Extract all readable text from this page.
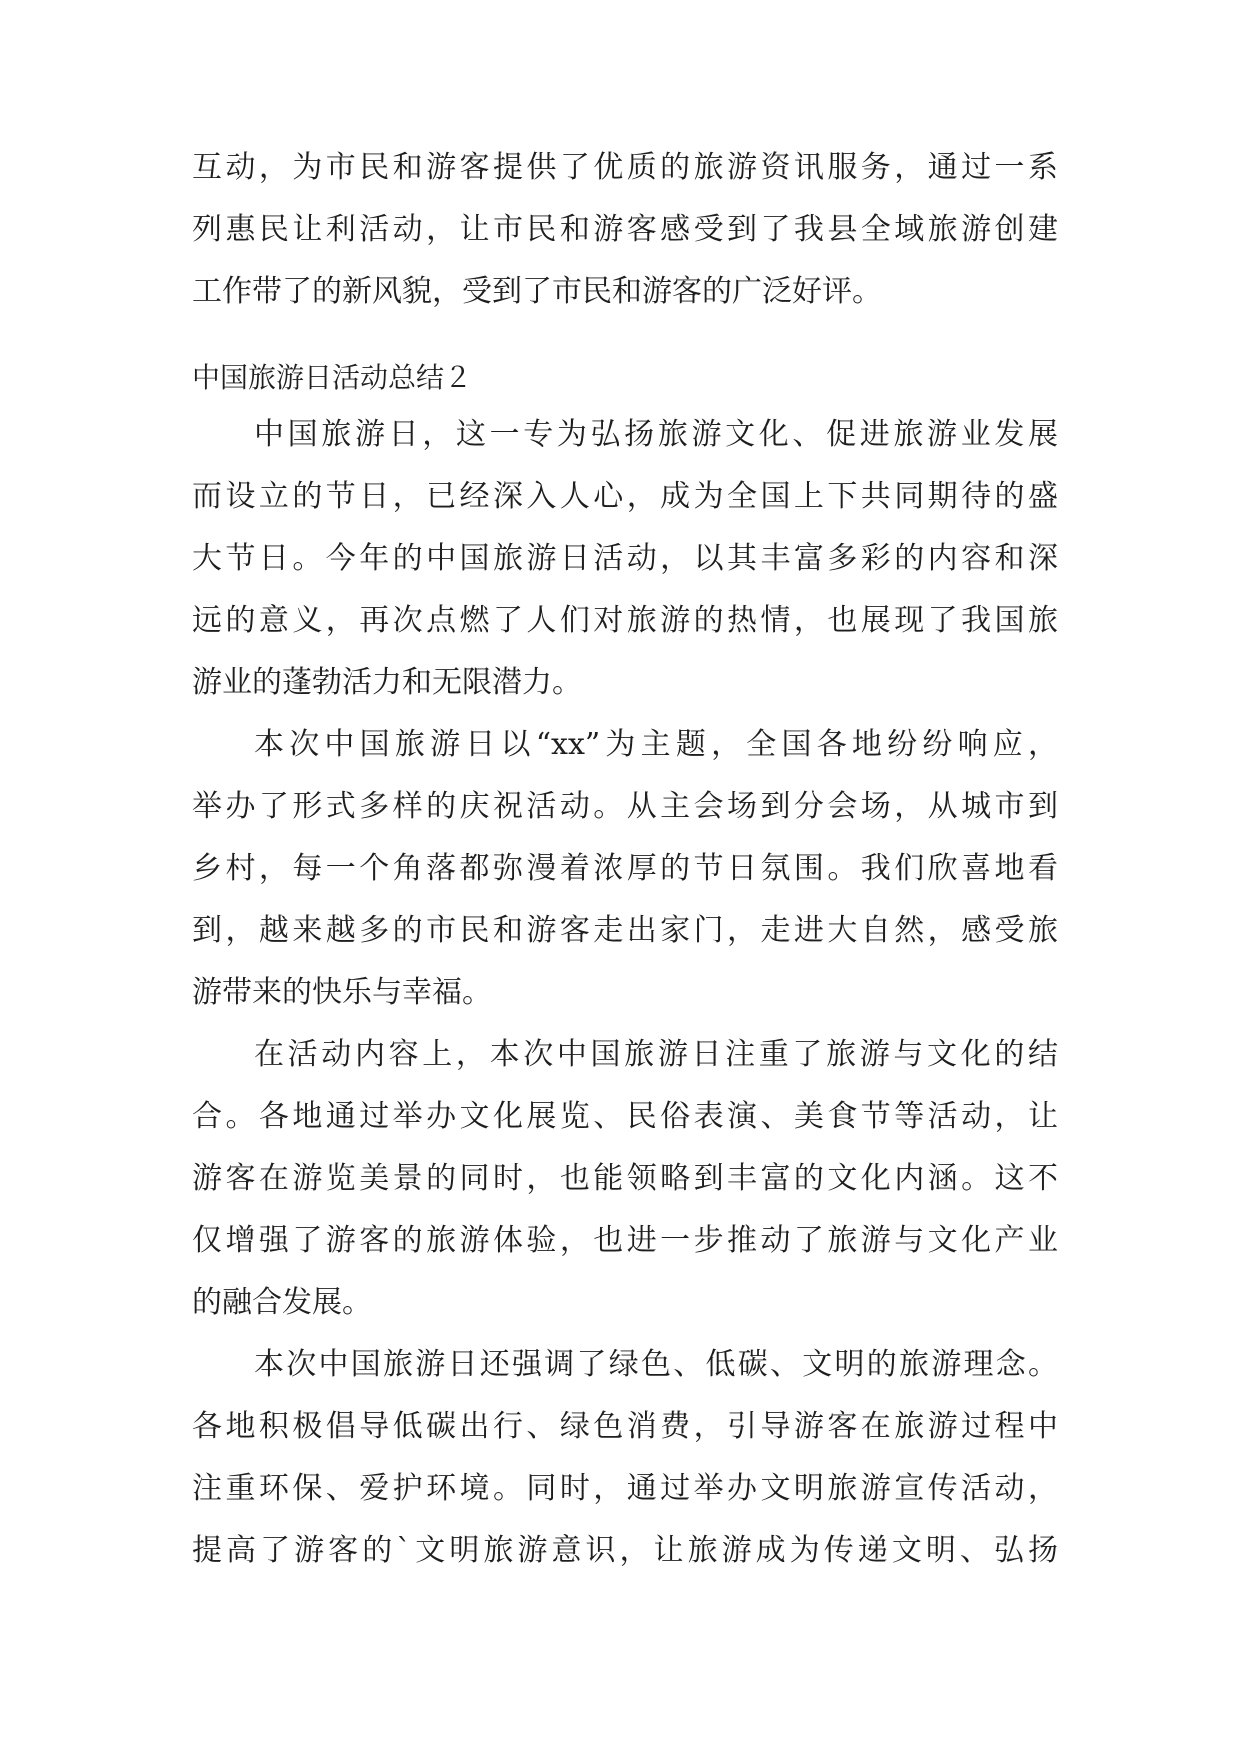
互动，为市民和游客提供了优质的旅游资讯服务，通过一系
列惠民让利活动，让市民和游客感受到了我县全域旅游创建
工作带了的新风貌，受到了市民和游客的广泛好评。
中国旅游日活动总结２
中国旅游日，这一专为弘扬旅游文化、促进旅游业发展
而设立的节日，已经深入人心，成为全国上下共同期待的盛
大节日。今年的中国旅游日活动，以其丰富多彩的内容和深
远的意义，再次点燃了人们对旅游的热情，也展现了我国旅
游业的蓬勃活力和无限潜力。
本次中国旅游日以“xx”为主题，全国各地纷纷响应，
举办了形式多样的庆祝活动。从主会场到分会场，从城市到
乡村，每一个角落都弥漫着浓厚的节日氛围。我们欣喜地看
到，越来越多的市民和游客走出家门，走进大自然，感受旅
游带来的快乐与幸福。
在活动内容上，本次中国旅游日注重了旅游与文化的结
合。各地通过举办文化展览、民俗表演、美食节等活动，让
游客在游览美景的同时，也能领略到丰富的文化内涵。这不
仅增强了游客的旅游体验，也进一步推动了旅游与文化产业
的融合发展。
本次中国旅游日还强调了绿色、低碳、文明的旅游理念。
各地积极倡导低碳出行、绿色消费，引导游客在旅游过程中
注重环保、爱护环境。同时，通过举办文明旅游宣传活动，
提高了游客的`文明旅游意识，让旅游成为传递文明、弘扬
